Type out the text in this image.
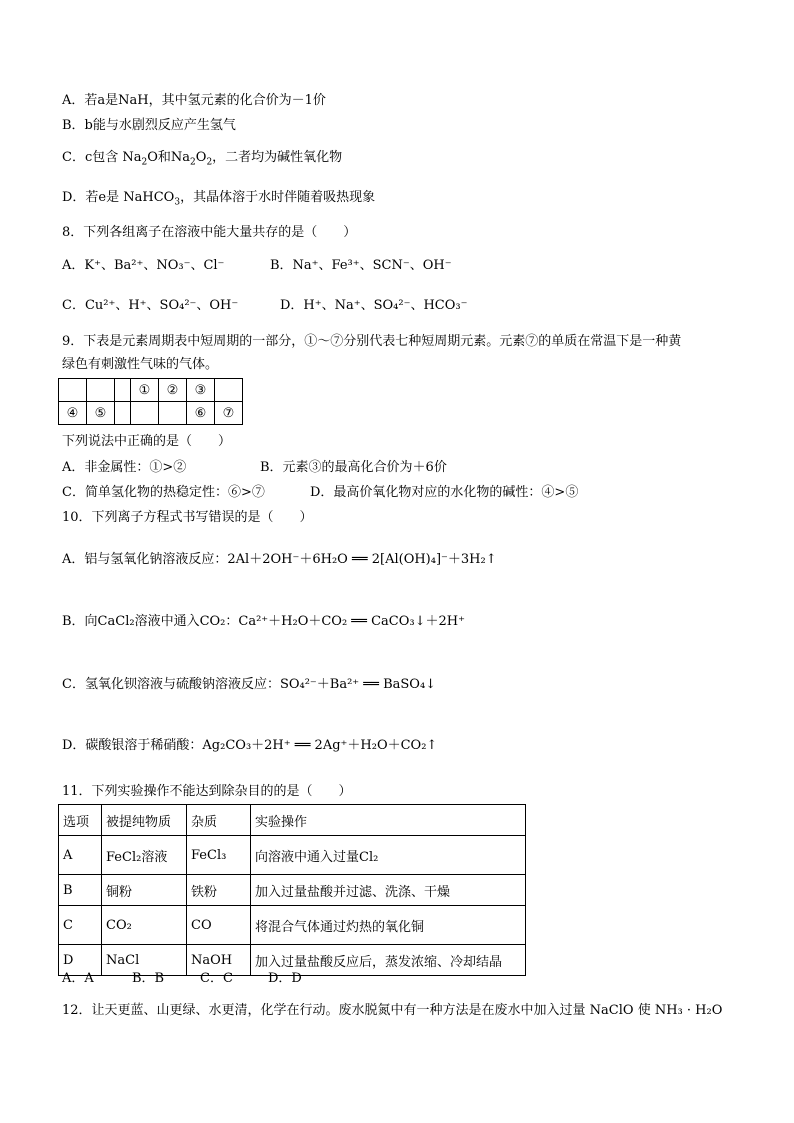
A．若a是NaH，其中氢元素的化合价为－1价
B．b能与水剧烈反应产生氢气
C．c包含 $Na_2O$和$Na_2O_2$，二者均为碱性氧化物
D．若e是 NaHCO$_3$，其晶体溶于水时伴随着吸热现象
8．下列各组离子在溶液中能大量共存的是（　　）
A．K⁺、Ba²⁺、NO₃⁻、Cl⁻	B．Na⁺、Fe³⁺、SCN⁻、OH⁻
C．Cu²⁺、H⁺、SO₄²⁻、OH⁻	D．H⁺、Na⁺、SO₄²⁻、HCO₃⁻
9．下表是元素周期表中短周期的一部分，①～⑦分别代表七种短周期元素。元素⑦的单质在常温下是一种黄
绿色有刺激性气味的气体。
			①	②	③	
④	⑤				⑥	⑦
下列说法中正确的是（　　）
A．非金属性：①>②	B．元素③的最高化合价为＋6价
C．简单氢化物的热稳定性：⑥>⑦	D．最高价氧化物对应的水化物的碱性：④>⑤
10．下列离子方程式书写错误的是（　　）
A．铝与氢氧化钠溶液反应：2Al＋2OH⁻＋6H₂O ══ 2[Al(OH)₄]⁻＋3H₂↑
B．向CaCl₂溶液中通入CO₂：Ca²⁺＋H₂O＋CO₂ ══ CaCO₃↓＋2H⁺
C．氢氧化钡溶液与硫酸钠溶液反应：SO₄²⁻＋Ba²⁺ ══ BaSO₄↓
D．碳酸银溶于稀硝酸：Ag₂CO₃＋2H⁺ ══ 2Ag⁺＋H₂O＋CO₂↑
11．下列实验操作不能达到除杂目的的是（　　）
选项	被提纯物质	杂质	实验操作
A	FeCl₂溶液	FeCl₃	向溶液中通入过量Cl₂
B	铜粉	铁粉	加入过量盐酸并过滤、洗涤、干燥
C	CO₂	CO	将混合气体通过灼热的氧化铜
D	NaCl	NaOH	加入过量盐酸反应后，蒸发浓缩、冷却结晶
A．A	B．B	C．C	D．D
12．让天更蓝、山更绿、水更清，化学在行动。废水脱氮中有一种方法是在废水中加入过量 NaClO 使 NH₃ · H₂O
